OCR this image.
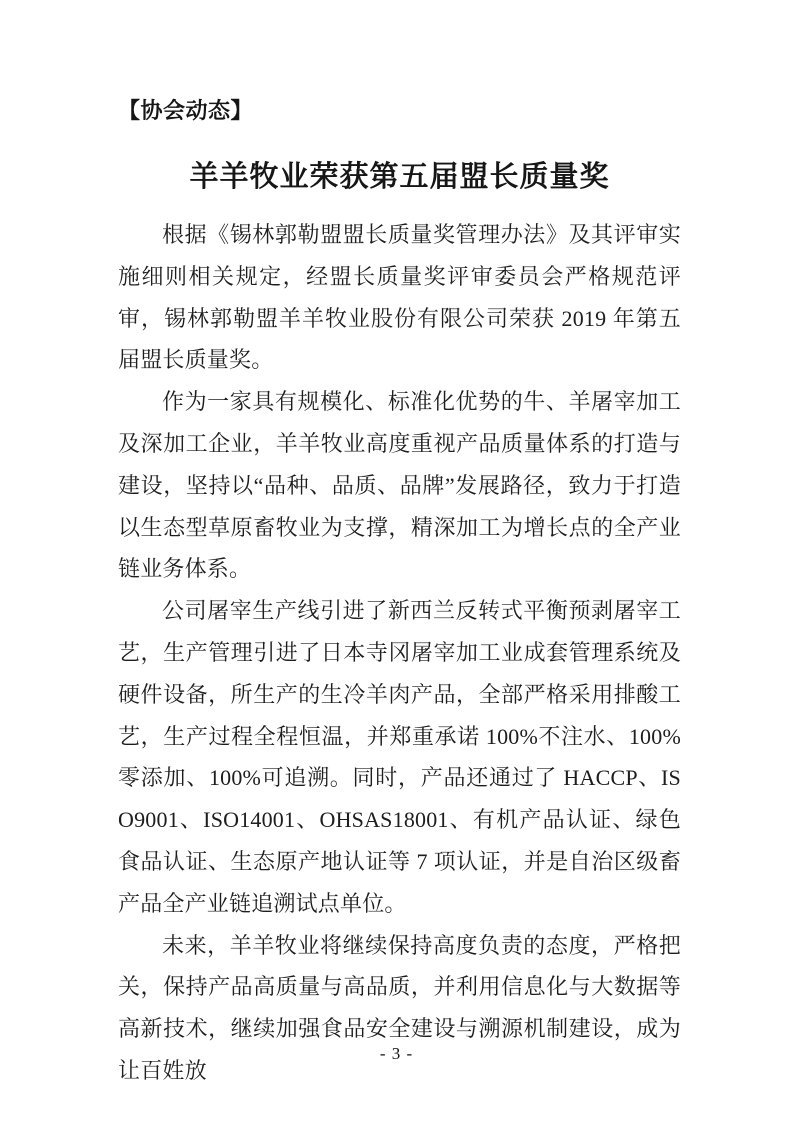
【协会动态】
羊羊牧业荣获第五届盟长质量奖

根据《锡林郭勒盟盟长质量奖管理办法》及其评审实施细则相关规定，经盟长质量奖评审委员会严格规范评审，锡林郭勒盟羊羊牧业股份有限公司荣获 2019 年第五届盟长质量奖。

作为一家具有规模化、标准化优势的牛、羊屠宰加工及深加工企业，羊羊牧业高度重视产品质量体系的打造与建设，坚持以“品种、品质、品牌”发展路径，致力于打造以生态型草原畜牧业为支撑，精深加工为增长点的全产业链业务体系。

公司屠宰生产线引进了新西兰反转式平衡预剥屠宰工艺，生产管理引进了日本寺冈屠宰加工业成套管理系统及硬件设备，所生产的生冷羊肉产品，全部严格采用排酸工艺，生产过程全程恒温，并郑重承诺 100%不注水、100%零添加、100%可追溯。同时，产品还通过了 HACCP、ISO9001、ISO14001、OHSAS18001、有机产品认证、绿色食品认证、生态原产地认证等 7 项认证，并是自治区级畜产品全产业链追溯试点单位。

未来，羊羊牧业将继续保持高度负责的态度，严格把关，保持产品高质量与高品质，并利用信息化与大数据等高新技术，继续加强食品安全建设与溯源机制建设，成为让百姓放

- 3 -
